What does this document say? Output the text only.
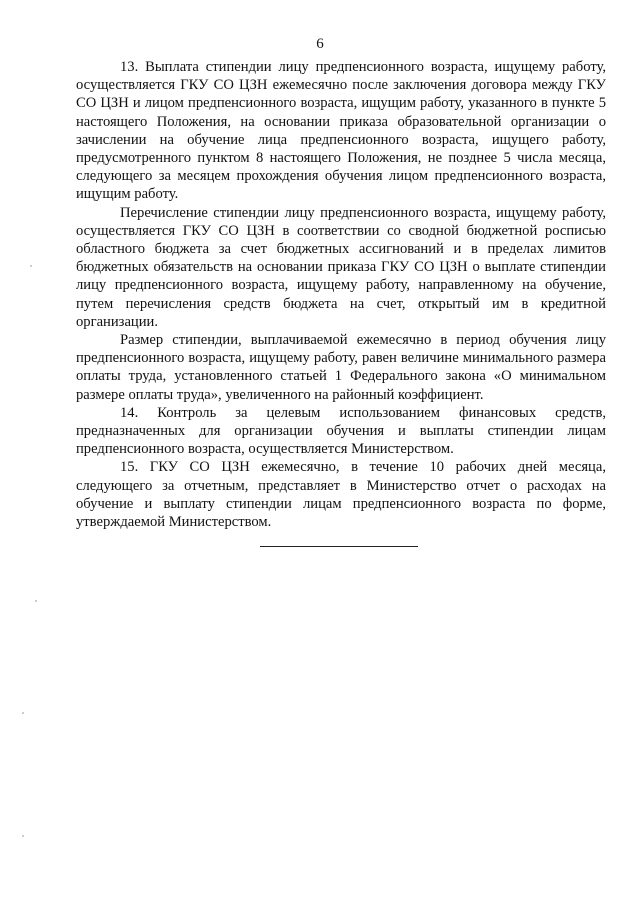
6

13. Выплата стипендии лицу предпенсионного возраста, ищущему работу, осуществляется ГКУ СО ЦЗН ежемесячно после заключения договора между ГКУ СО ЦЗН и лицом предпенсионного возраста, ищущим работу, указанного в пункте 5 настоящего Положения, на основании приказа образовательной организации о зачислении на обучение лица предпенсионного возраста, ищущего работу, предусмотренного пунктом 8 настоящего Положения, не позднее 5 числа месяца, следующего за месяцем прохождения обучения лицом предпенсионного возраста, ищущим работу.

Перечисление стипендии лицу предпенсионного возраста, ищущему работу, осуществляется ГКУ СО ЦЗН в соответствии со сводной бюджетной росписью областного бюджета за счет бюджетных ассигнований и в пределах лимитов бюджетных обязательств на основании приказа ГКУ СО ЦЗН о выплате стипендии лицу предпенсионного возраста, ищущему работу, направленному на обучение, путем перечисления средств бюджета на счет, открытый им в кредитной организации.

Размер стипендии, выплачиваемой ежемесячно в период обучения лицу предпенсионного возраста, ищущему работу, равен величине минимального размера оплаты труда, установленного статьей 1 Федерального закона «О минимальном размере оплаты труда», увеличенного на районный коэффициент.

14. Контроль за целевым использованием финансовых средств, предназначенных для организации обучения и выплаты стипендии лицам предпенсионного возраста, осуществляется Министерством.

15. ГКУ СО ЦЗН ежемесячно, в течение 10 рабочих дней месяца, следующего за отчетным, представляет в Министерство отчет о расходах на обучение и выплату стипендии лицам предпенсионного возраста по форме, утверждаемой Министерством.
